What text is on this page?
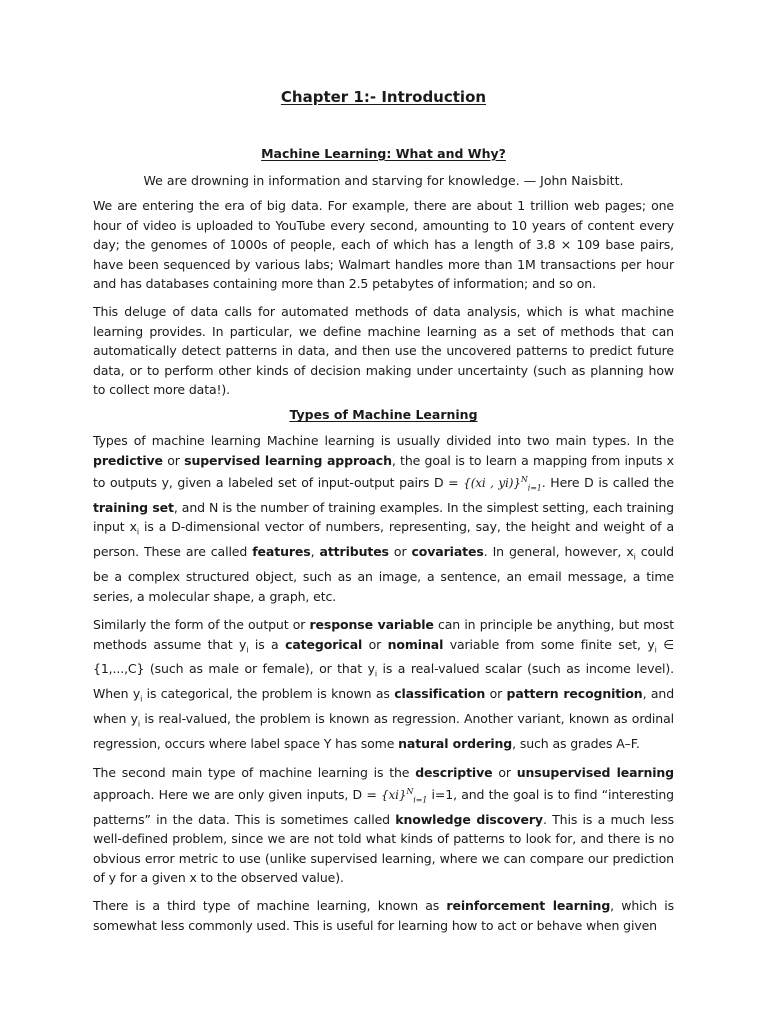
Chapter 1:- Introduction
Machine Learning: What and Why?

We are drowning in information and starving for knowledge. — John Naisbitt.

We are entering the era of big data. For example, there are about 1 trillion web pages; one hour of video is uploaded to YouTube every second, amounting to 10 years of content every day; the genomes of 1000s of people, each of which has a length of 3.8 × 109 base pairs, have been sequenced by various labs; Walmart handles more than 1M transactions per hour and has databases containing more than 2.5 petabytes of information; and so on.

This deluge of data calls for automated methods of data analysis, which is what machine learning provides. In particular, we define machine learning as a set of methods that can automatically detect patterns in data, and then use the uncovered patterns to predict future data, or to perform other kinds of decision making under uncertainty (such as planning how to collect more data!).

Types of Machine Learning

Types of machine learning Machine learning is usually divided into two main types. In the predictive or supervised learning approach, the goal is to learn a mapping from inputs x to outputs y, given a labeled set of input-output pairs D = {(xi , yi)}$^N_{i=1}$. Here D is called the training set, and N is the number of training examples. In the simplest setting, each training input $x_i$ is a D-dimensional vector of numbers, representing, say, the height and weight of a person. These are called features, attributes or covariates. In general, however, $x_i$ could be a complex structured object, such as an image, a sentence, an email message, a time series, a molecular shape, a graph, etc.

Similarly the form of the output or response variable can in principle be anything, but most methods assume that $y_i$ is a categorical or nominal variable from some finite set, $y_i$ ∈ {1,...,C} (such as male or female), or that $y_i$ is a real-valued scalar (such as income level). When $y_i$ is categorical, the problem is known as classification or pattern recognition, and when $y_i$ is real-valued, the problem is known as regression. Another variant, known as ordinal regression, occurs where label space Y has some natural ordering, such as grades A–F.

The second main type of machine learning is the descriptive or unsupervised learning approach. Here we are only given inputs, D = {xi}$^N_{i=1}$ i=1, and the goal is to find “interesting patterns” in the data. This is sometimes called knowledge discovery. This is a much less well-defined problem, since we are not told what kinds of patterns to look for, and there is no obvious error metric to use (unlike supervised learning, where we can compare our prediction of y for a given x to the observed value).

There is a third type of machine learning, known as reinforcement learning, which is somewhat less commonly used. This is useful for learning how to act or behave when given
